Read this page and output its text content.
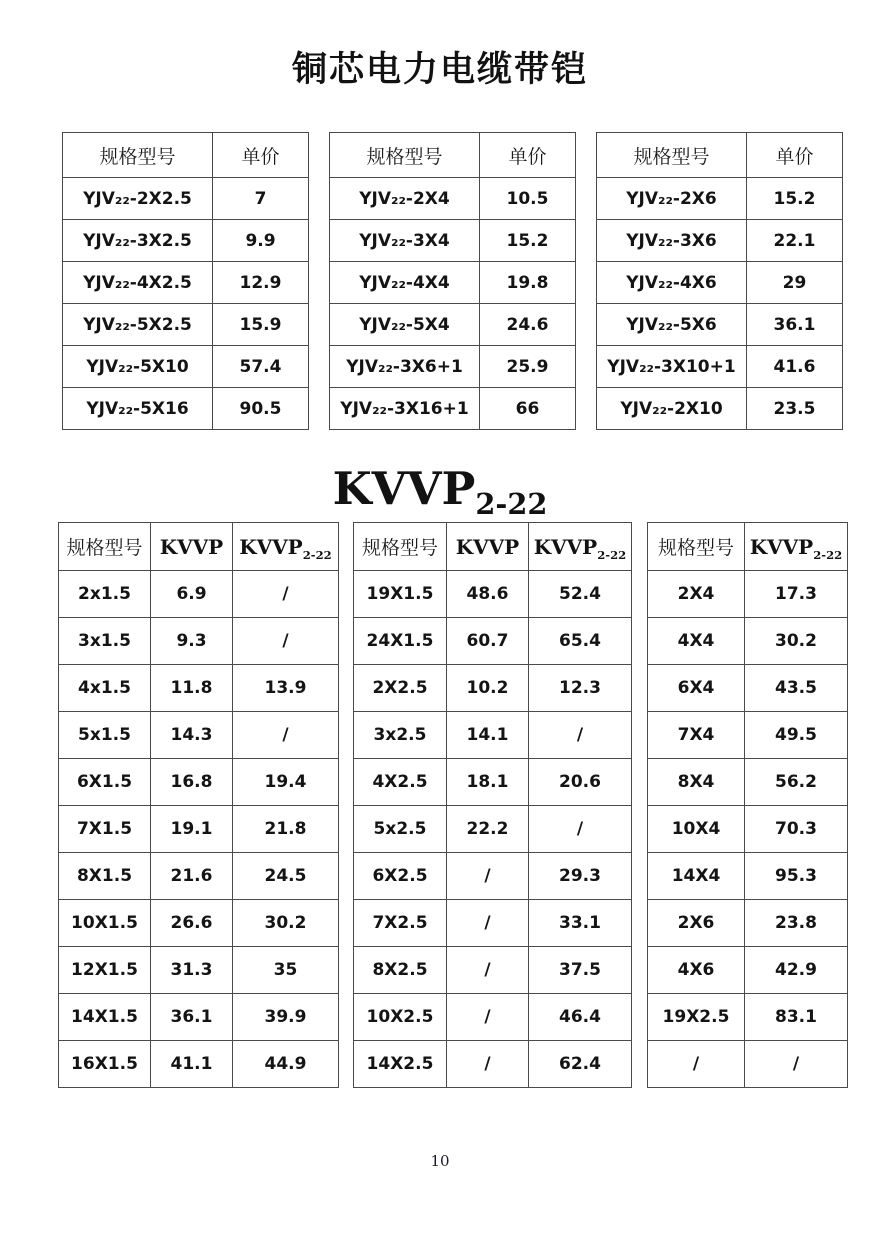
铜芯电力电缆带铠
规格型号	单价
YJV₂₂-2X2.5	7
YJV₂₂-3X2.5	9.9
YJV₂₂-4X2.5	12.9
YJV₂₂-5X2.5	15.9
YJV₂₂-5X10	57.4
YJV₂₂-5X16	90.5
规格型号	单价
YJV₂₂-2X4	10.5
YJV₂₂-3X4	15.2
YJV₂₂-4X4	19.8
YJV₂₂-5X4	24.6
YJV₂₂-3X6+1	25.9
YJV₂₂-3X16+1	66
规格型号	单价
YJV₂₂-2X6	15.2
YJV₂₂-3X6	22.1
YJV₂₂-4X6	29
YJV₂₂-5X6	36.1
YJV₂₂-3X10+1	41.6
YJV₂₂-2X10	23.5
$KVVP_{2-22}$
规格型号	KVVP	$KVVP_{2-22}$
2x1.5	6.9	/
3x1.5	9.3	/
4x1.5	11.8	13.9
5x1.5	14.3	/
6X1.5	16.8	19.4
7X1.5	19.1	21.8
8X1.5	21.6	24.5
10X1.5	26.6	30.2
12X1.5	31.3	35
14X1.5	36.1	39.9
16X1.5	41.1	44.9
规格型号	KVVP	$KVVP_{2-22}$
19X1.5	48.6	52.4
24X1.5	60.7	65.4
2X2.5	10.2	12.3
3x2.5	14.1	/
4X2.5	18.1	20.6
5x2.5	22.2	/
6X2.5	/	29.3
7X2.5	/	33.1
8X2.5	/	37.5
10X2.5	/	46.4
14X2.5	/	62.4
规格型号	$KVVP_{2-22}$
2X4	17.3
4X4	30.2
6X4	43.5
7X4	49.5
8X4	56.2
10X4	70.3
14X4	95.3
2X6	23.8
4X6	42.9
19X2.5	83.1
/	/
10
